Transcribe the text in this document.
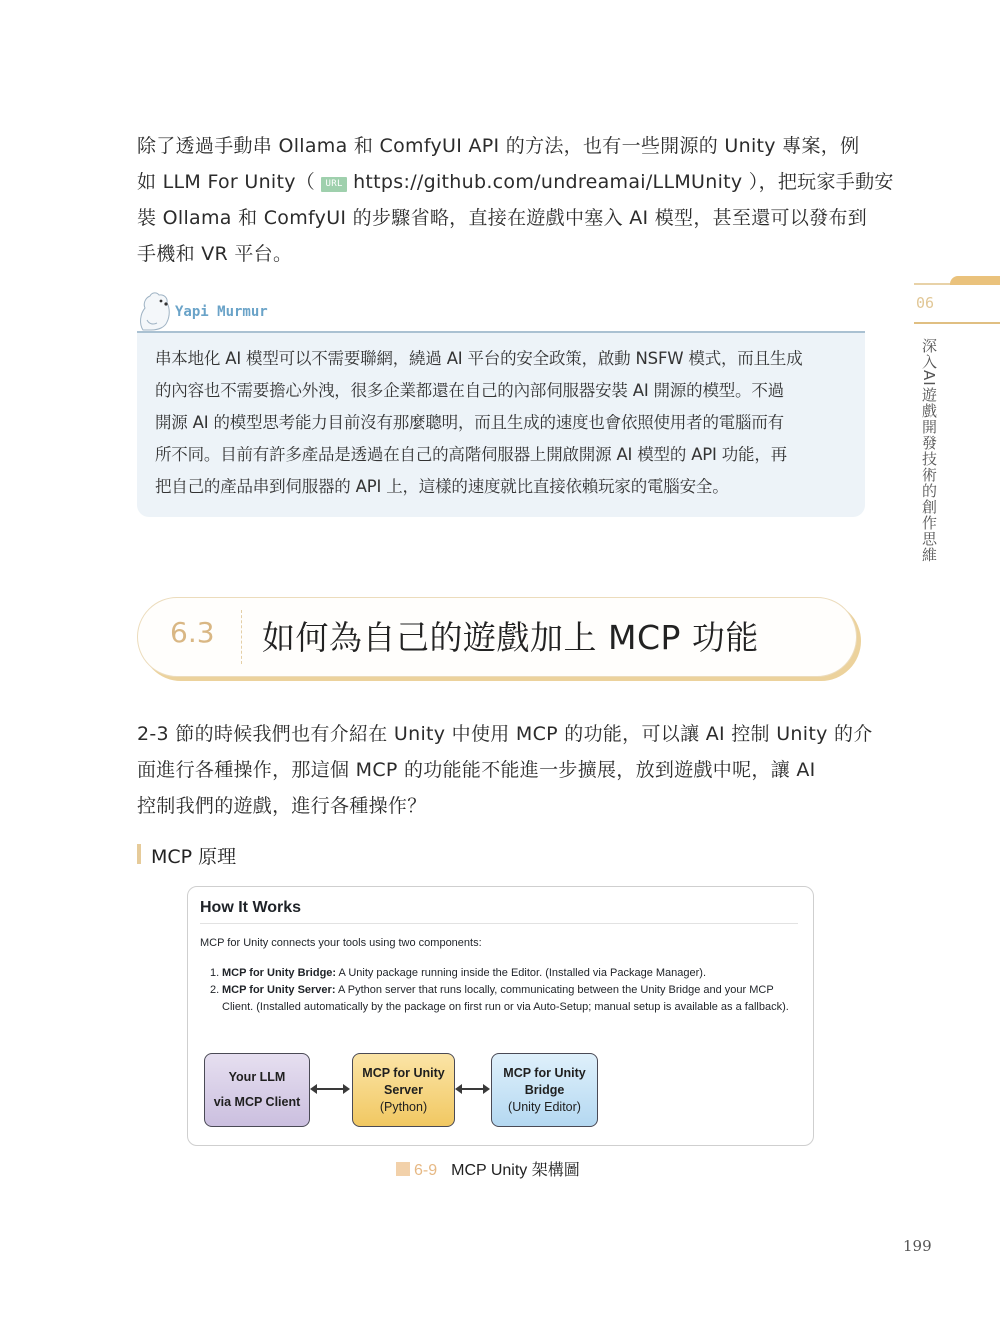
除了透過手動串 Ollama 和 ComfyUI API 的方法，也有一些開源的 Unity 專案，例
如 LLM For Unity（ URL https://github.com/undreamai/LLMUnity ），把玩家手動安
裝 Ollama 和 ComfyUI 的步驟省略，直接在遊戲中塞入 AI 模型，甚至還可以發布到
手機和 VR 平台。
Yapi Murmur
串本地化 AI 模型可以不需要聯網，繞過 AI 平台的安全政策，啟動 NSFW 模式，而且生成
的內容也不需要擔心外洩，很多企業都還在自己的內部伺服器安裝 AI 開源的模型。不過
開源 AI 的模型思考能力目前沒有那麼聰明，而且生成的速度也會依照使用者的電腦而有
所不同。目前有許多產品是透過在自己的高階伺服器上開啟開源 AI 模型的 API 功能，再
把自己的產品串到伺服器的 API 上，這樣的速度就比直接依賴玩家的電腦安全。
06
深入AI遊戲開發技術的創作思維
6.3 如何為自己的遊戲加上 MCP 功能
2-3 節的時候我們也有介紹在 Unity 中使用 MCP 的功能，可以讓 AI 控制 Unity 的介
面進行各種操作，那這個 MCP 的功能能不能進一步擴展，放到遊戲中呢，讓 AI
控制我們的遊戲，進行各種操作？
MCP 原理
How It Works
MCP for Unity connects your tools using two components:
1. MCP for Unity Bridge: A Unity package running inside the Editor. (Installed via Package Manager).
2. MCP for Unity Server: A Python server that runs locally, communicating between the Unity Bridge and your MCP Client. (Installed automatically by the package on first run or via Auto-Setup; manual setup is available as a fallback).
Your LLM
via MCP Client
MCP for Unity
Server
(Python)
MCP for Unity
Bridge
(Unity Editor)
6-9 MCP Unity 架構圖
199
